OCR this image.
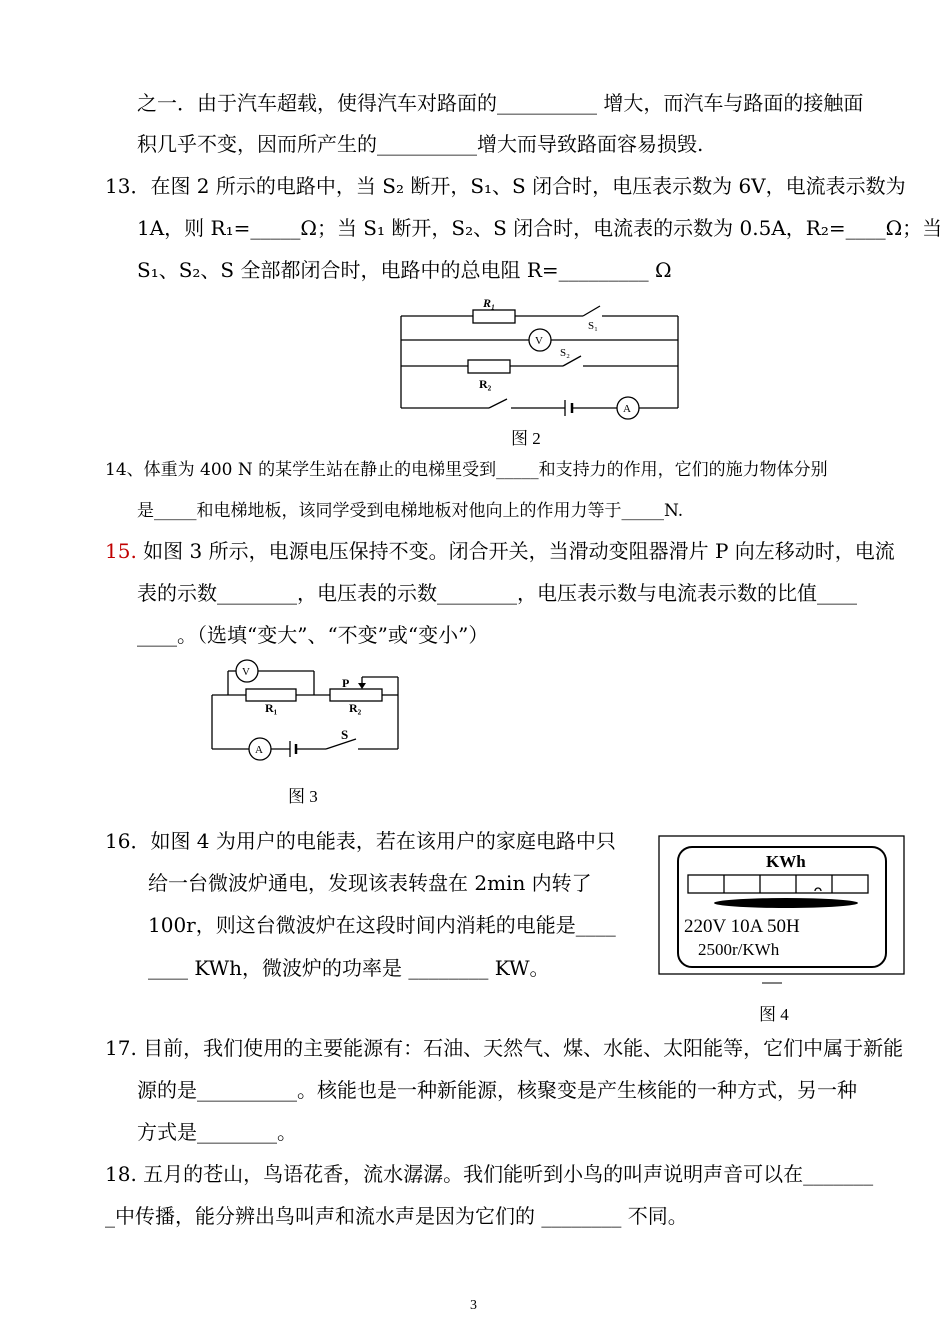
之一．由于汽车超载，使得汽车对路面的__________ 增大，而汽车与路面的接触面
积几乎不变，因而所产生的__________增大而导致路面容易损毁.
13．在图 2 所示的电路中，当 S₂ 断开，S₁、S 闭合时，电压表示数为 6V，电流表示数为
1A，则 R₁=_____Ω；当 S₁ 断开，S₂、S 闭合时，电流表的示数为 0.5A，R₂=____Ω；当
S₁、S₂、S 全部都闭合时，电路中的总电阻 R=_________ Ω
R₁
S₁
V
S₂
R₂
A
图 2
14、体重为 400 N 的某学生站在静止的电梯里受到_____和支持力的作用，它们的施力物体分别
是_____和电梯地板，该同学受到电梯地板对他向上的作用力等于_____N.
15. 如图 3 所示，电源电压保持不变。闭合开关，当滑动变阻器滑片 P 向左移动时，电流
表的示数________，电压表的示数________，电压表示数与电流表示数的比值____
____。（选填“变大”、“不变”或“变小”）
V
P
R₁	R₂
A
S
图 3
16．如图 4 为用户的电能表，若在该用户的家庭电路中只
给一台微波炉通电，发现该表转盘在 2min 内转了
100r，则这台微波炉在这段时间内消耗的电能是____
____ KWh，微波炉的功率是 ________ KW。
KWh
220V 10A 50H
2500r/KWh
图 4
17. 目前，我们使用的主要能源有：石油、天然气、煤、水能、太阳能等，它们中属于新能
源的是__________。核能也是一种新能源，核聚变是产生核能的一种方式，另一种
方式是________。
18. 五月的苍山，鸟语花香，流水潺潺。我们能听到小鸟的叫声说明声音可以在_______
_中传播，能分辨出鸟叫声和流水声是因为它们的 ________ 不同。
3
